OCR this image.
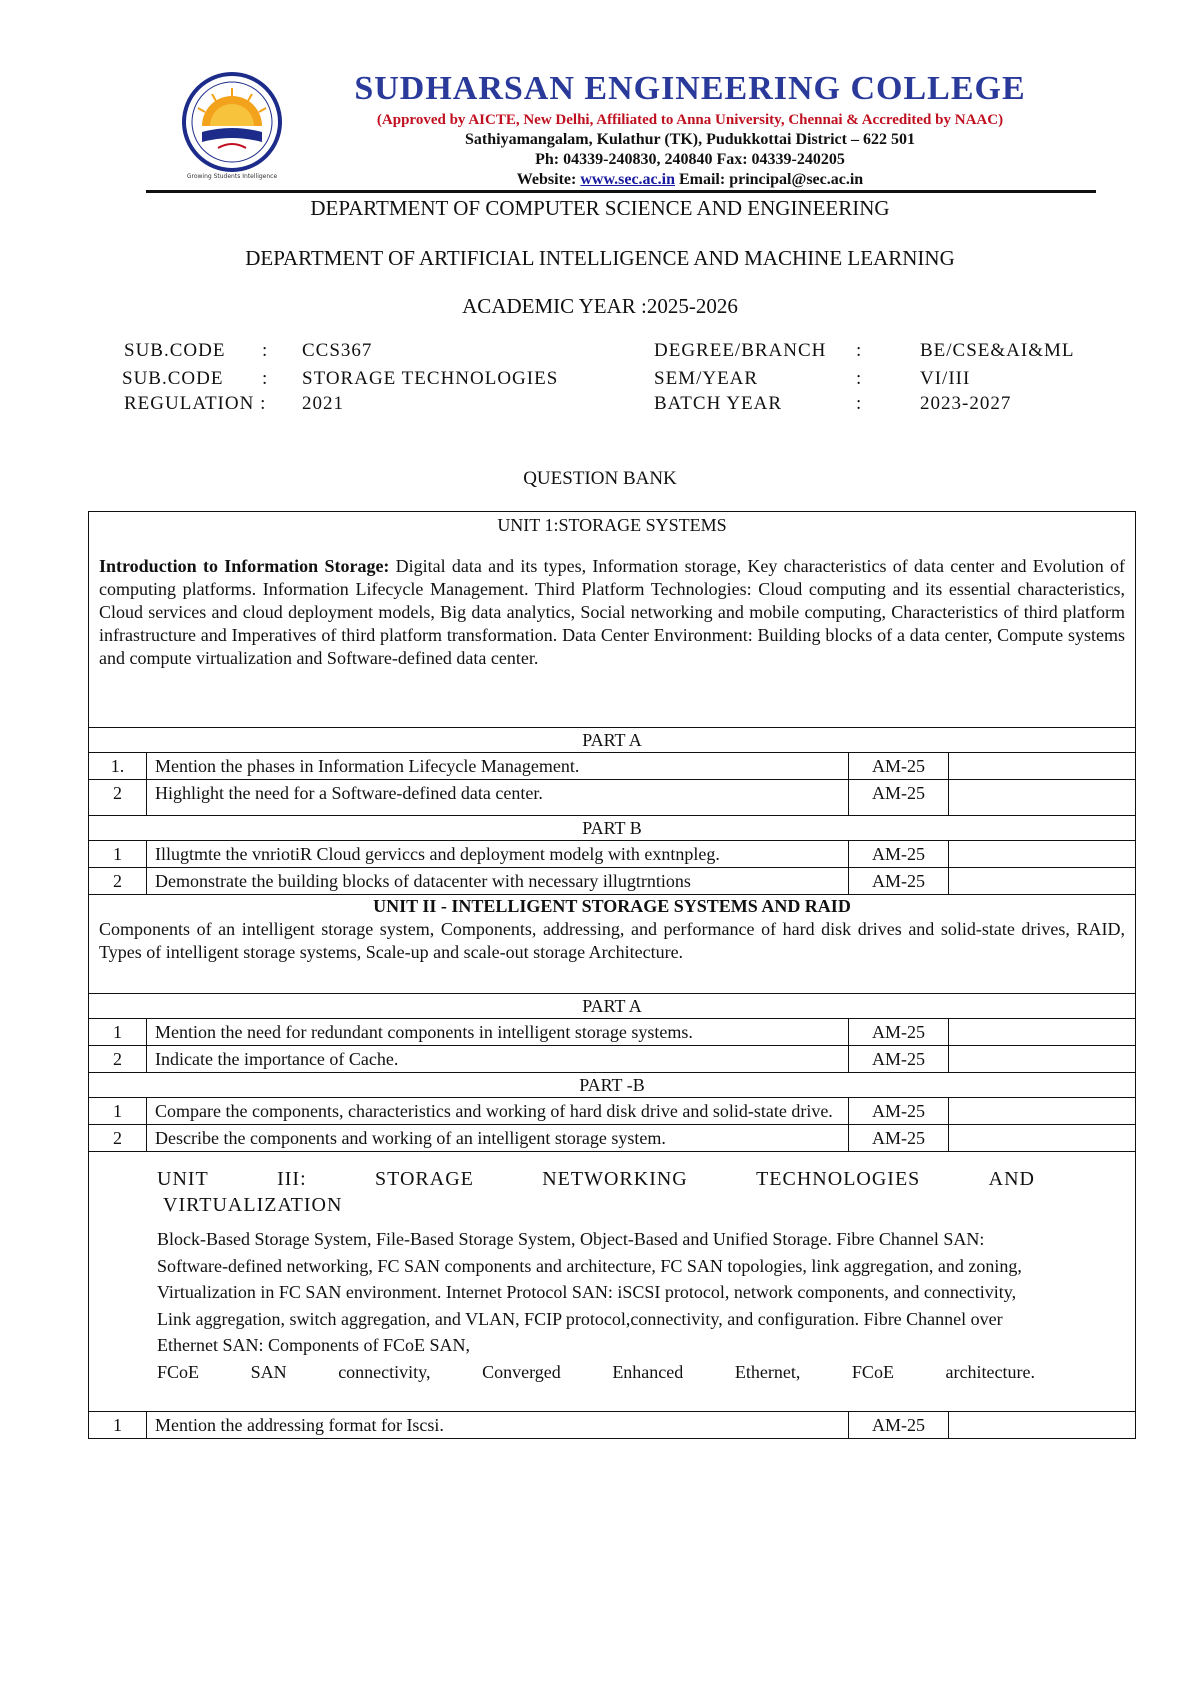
Growing Students Intelligence
SUDHARSAN ENGINEERING COLLEGE
(Approved by AICTE, New Delhi, Affiliated to Anna University, Chennai & Accredited by NAAC)
Sathiyamangalam, Kulathur (TK), Pudukkottai District – 622 501
Ph: 04339-240830, 240840 Fax: 04339-240205
Website: www.sec.ac.in Email: principal@sec.ac.in
DEPARTMENT OF COMPUTER SCIENCE AND ENGINEERING
DEPARTMENT OF ARTIFICIAL INTELLIGENCE AND MACHINE LEARNING
ACADEMIC YEAR :2025-2026
SUB.CODE : CCS367	DEGREE/BRANCH :	BE/CSE&AI&ML
SUB.CODE : STORAGE TECHNOLOGIES	SEM/YEAR	:	VI/III
REGULATION : 2021	BATCH YEAR	:	2023-2027
QUESTION BANK
UNIT 1:STORAGE SYSTEMS
Introduction to Information Storage: Digital data and its types, Information storage, Key characteristics of data center and Evolution of computing platforms. Information Lifecycle Management. Third Platform Technologies: Cloud computing and its essential characteristics, Cloud services and cloud deployment models, Big data analytics, Social networking and mobile computing, Characteristics of third platform infrastructure and Imperatives of third platform transformation. Data Center Environment: Building blocks of a data center, Compute systems and compute virtualization and Software-defined data center.
PART A
1.	Mention the phases in Information Lifecycle Management.	AM-25
2	Highlight the need for a Software-defined data center.	AM-25
PART B
1	Illugtmte the vnriotiR Cloud gerviccs and deployment modelg with exntnpleg.	AM-25
2	Demonstrate the building blocks of datacenter with necessary illugtrntions	AM-25
UNIT II - INTELLIGENT STORAGE SYSTEMS AND RAID
Components of an intelligent storage system, Components, addressing, and performance of hard disk drives and solid-state drives, RAID, Types of intelligent storage systems, Scale-up and scale-out storage Architecture.
PART A
1	Mention the need for redundant components in intelligent storage systems.	AM-25
2	Indicate the importance of Cache.	AM-25
PART -B
1	Compare the components, characteristics and working of hard disk drive and solid-state drive.	AM-25
2	Describe the components and working of an intelligent storage system.	AM-25
UNIT	III:	STORAGE	NETWORKING	TECHNOLOGIES	AND
VIRTUALIZATION
Block-Based Storage System, File-Based Storage System, Object-Based and Unified Storage. Fibre Channel SAN: Software-defined networking, FC SAN components and architecture, FC SAN topologies, link aggregation, and zoning, Virtualization in FC SAN environment. Internet Protocol SAN: iSCSI protocol, network components, and connectivity, Link aggregation, switch aggregation, and VLAN, FCIP protocol,connectivity, and configuration. Fibre Channel over Ethernet SAN: Components of FCoE SAN,
FCoE	SAN	connectivity,	Converged	Enhanced	Ethernet,	FCoE	architecture.
1	Mention the addressing format for Iscsi.	AM-25
